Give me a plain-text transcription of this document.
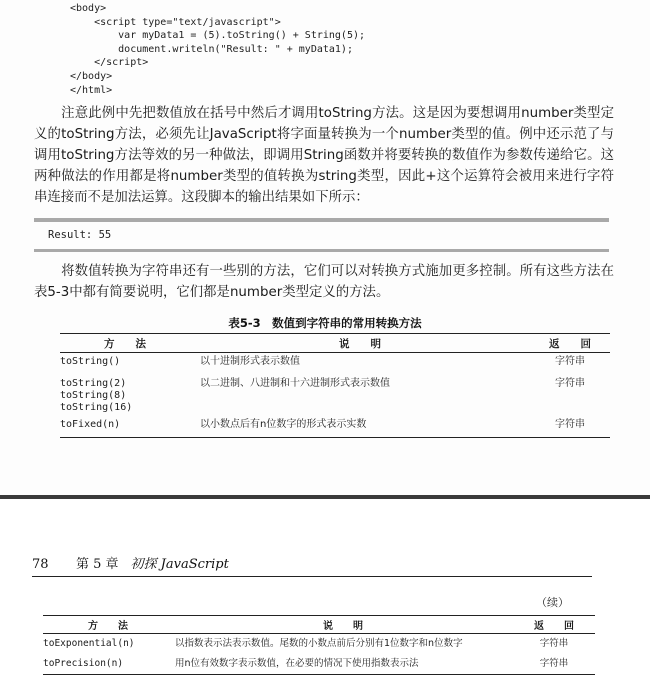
<body>
<script type="text/javascript">
var myData1 = (5).toString() + String(5);
document.writeln("Result: " + myData1);
</script>
</body>
</html>
注意此例中先把数值放在括号中然后才调用toString方法。这是因为要想调用number类型定义的toString方法，必须先让JavaScript将字面量转换为一个number类型的值。例中还示范了与调用toString方法等效的另一种做法，即调用String函数并将要转换的数值作为参数传递给它。这两种做法的作用都是将number类型的值转换为string类型，因此+这个运算符会被用来进行字符串连接而不是加法运算。这段脚本的输出结果如下所示：
Result: 55
将数值转换为字符串还有一些别的方法，它们可以对转换方式施加更多控制。所有这些方法在表5-3中都有简要说明，它们都是number类型定义的方法。
表5-3　数值到字符串的常用转换方法
方　　法	说　　明	返　　回
toString()	以十进制形式表示数值	字符串
toString(2)
toString(8)
toString(16)	以二进制、八进制和十六进制形式表示数值	字符串
toFixed(n)	以小数点后有n位数字的形式表示实数	字符串
78 第 5 章 初探 JavaScript
（续）
方　　法	说　　明	返　　回
toExponential(n)	以指数表示法表示数值。尾数的小数点前后分别有1位数字和n位数字	字符串
toPrecision(n)	用n位有效数字表示数值，在必要的情况下使用指数表示法	字符串
